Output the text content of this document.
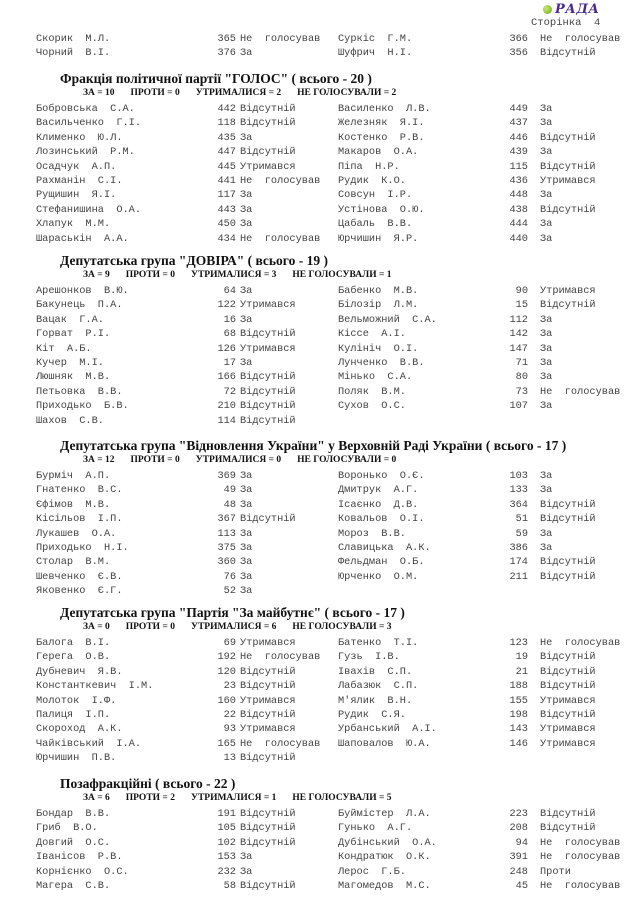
РАДА
Сторінка  4
Скорик  М.Л.	365 Не  голосував Суркіс  Г.М.	366 Не  голосував
Чорний  В.І.	376 За	Шуфрич  Н.І.	356 Відсутній
Фракція політичної партії "ГОЛОС" ( всього - 20 )
ЗА = 10 ПРОТИ = 0 УТРИМАЛИСЯ = 2 НЕ ГОЛОСУВАЛИ = 2
Бобровська  С.А.	442 Відсутній	Василенко  Л.В.	449 За
Васильченко  Г.І.	118 Відсутній	Железняк  Я.І.	437 За
Клименко  Ю.Л.	435 За	Костенко  Р.В.	446 Відсутній
Лозинський  Р.М.	447 Відсутній	Макаров  О.А.	439 За
Осадчук  А.П.	445 Утримався	Піпа  Н.Р.	115 Відсутній
Рахманін  С.І.	441 Не  голосував Рудик  К.О.	436 Утримався
Рущишин  Я.І.	117 За	Совсун  І.Р.	448 За
Стефанишина  О.А.	443 За	Устінова  О.Ю.	438 Відсутній
Хлапук  М.М.	450 За	Цабаль  В.В.	444 За
Шараськін  А.А.	434 Не  голосував Юрчишин  Я.Р.	440 За
Депутатська група "ДОВІРА" ( всього - 19 )
ЗА = 9 ПРОТИ = 0 УТРИМАЛИСЯ = 3 НЕ ГОЛОСУВАЛИ = 1
Арешонков  В.Ю.	64 За	Бабенко  М.В.	90 Утримався
Бакунець  П.А.	122 Утримався	Білозір  Л.М.	15 Відсутній
Вацак  Г.А.	16 За	Вельможний  С.А.	112 За
Горват  Р.І.	68 Відсутній	Кіссе  А.І.	142 За
Кіт  А.Б.	126 Утримався	Кулініч  О.І.	147 За
Кучер  М.І.	17 За	Лунченко  В.В.	71 За
Люшняк  М.В.	166 Відсутній	Мінько  С.А.	80 За
Петьовка  В.В.	72 Відсутній	Поляк  В.М.	73 Не  голосував
Приходько  Б.В.	210 Відсутній	Сухов  О.С.	107 За
Шахов  С.В.	114 Відсутній
Депутатська група "Відновлення України" у Верховній Раді України ( всього - 17 )
ЗА = 12 ПРОТИ = 0 УТРИМАЛИСЯ = 0 НЕ ГОЛОСУВАЛИ = 0
Бурміч  А.П.	369 За	Воронько  О.Є.	103 За
Гнатенко  В.С.	49 За	Дмитрук  А.Г.	133 За
Єфімов  М.В.	48 За	Ісаєнко  Д.В.	364 Відсутній
Кісільов  І.П.	367 Відсутній	Ковальов  О.І.	51 Відсутній
Лукашев  О.А.	113 За	Мороз  В.В.	59 За
Приходько  Н.І.	375 За	Славицька  А.К.	386 За
Столар  В.М.	360 За	Фельдман  О.Б.	174 Відсутній
Шевченко  Є.В.	76 За	Юрченко  О.М.	211 Відсутній
Яковенко  Є.Г.	52 За
Депутатська група "Партія "За майбутнє" ( всього - 17 )
ЗА = 0 ПРОТИ = 0 УТРИМАЛИСЯ = 6 НЕ ГОЛОСУВАЛИ = 3
Балога  В.І.	69 Утримався	Батенко  Т.І.	123 Не  голосував
Герега  О.В.	192 Не  голосував Гузь  І.В.	19 Відсутній
Дубневич  Я.В.	120 Відсутній	Івахів  С.П.	21 Відсутній
Константкевич  І.М.	23 Відсутній	Лабазюк  С.П.	188 Відсутній
Молоток  І.Ф.	160 Утримався	М'ялик  В.Н.	155 Утримався
Палиця  І.П.	22 Відсутній	Рудик  С.Я.	198 Відсутній
Скороход  А.К.	93 Утримався	Урбанський  А.І.	143 Утримався
Чайківський  І.А.	165 Не  голосував Шаповалов  Ю.А.	146 Утримався
Юрчишин  П.В.	13 Відсутній
Позафракційні ( всього - 22 )
ЗА = 6 ПРОТИ = 2 УТРИМАЛИСЯ = 1 НЕ ГОЛОСУВАЛИ = 5
Бондар  В.В.	191 Відсутній	Буймістер  Л.А.	223 Відсутній
Гриб  В.О.	105 Відсутній	Гунько  А.Г.	208 Відсутній
Довгий  О.С.	102 Відсутній	Дубінський  О.А.	94 Не  голосував
Іванісов  Р.В.	153 За	Кондратюк  О.К.	391 Не  голосував
Корнієнко  О.С.	232 За	Лерос  Г.Б.	248 Проти
Магера  С.В.	58 Відсутній	Магомедов  М.С.	45 Не  голосував
